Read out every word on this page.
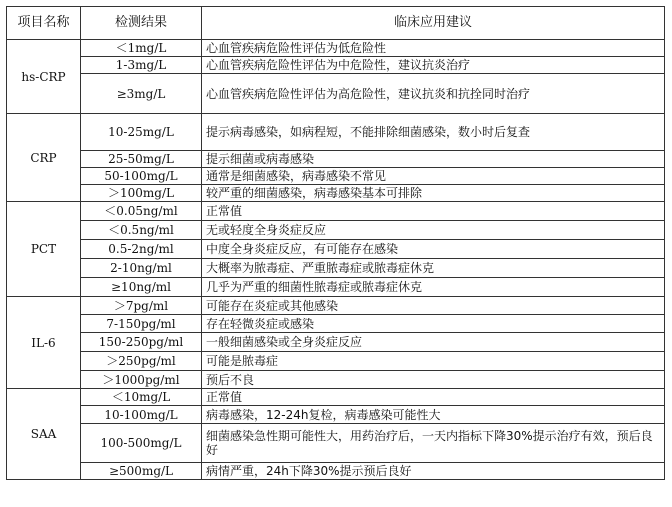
项目名称	检测结果	临床应用建议
hs-CRP	＜1mg/L	心血管疾病危险性评估为低危险性
	1-3mg/L	心血管疾病危险性评估为中危险性，建议抗炎治疗
	≥3mg/L	心血管疾病危险性评估为高危险性，建议抗炎和抗拴同时治疗
CRP	10-25mg/L	提示病毒感染，如病程短，不能排除细菌感染，数小时后复查
	25-50mg/L	提示细菌或病毒感染
	50-100mg/L	通常是细菌感染，病毒感染不常见
	＞100mg/L	较严重的细菌感染，病毒感染基本可排除
PCT	＜0.05ng/ml	正常值
	＜0.5ng/ml	无或轻度全身炎症反应
	0.5-2ng/ml	中度全身炎症反应，有可能存在感染
	2-10ng/ml	大概率为脓毒症、严重脓毒症或脓毒症休克
	≥10ng/ml	几乎为严重的细菌性脓毒症或脓毒症休克
IL-6	＞7pg/ml	可能存在炎症或其他感染
	7-150pg/ml	存在轻微炎症或感染
	150-250pg/ml	一般细菌感染或全身炎症反应
	＞250pg/ml	可能是脓毒症
	＞1000pg/ml	预后不良
SAA	＜10mg/L	正常值
	10-100mg/L	病毒感染，12-24h复检，病毒感染可能性大
	100-500mg/L	细菌感染急性期可能性大，用药治疗后，一天内指标下降30%提示治疗有效，预后良好
	≥500mg/L	病情严重，24h下降30%提示预后良好
